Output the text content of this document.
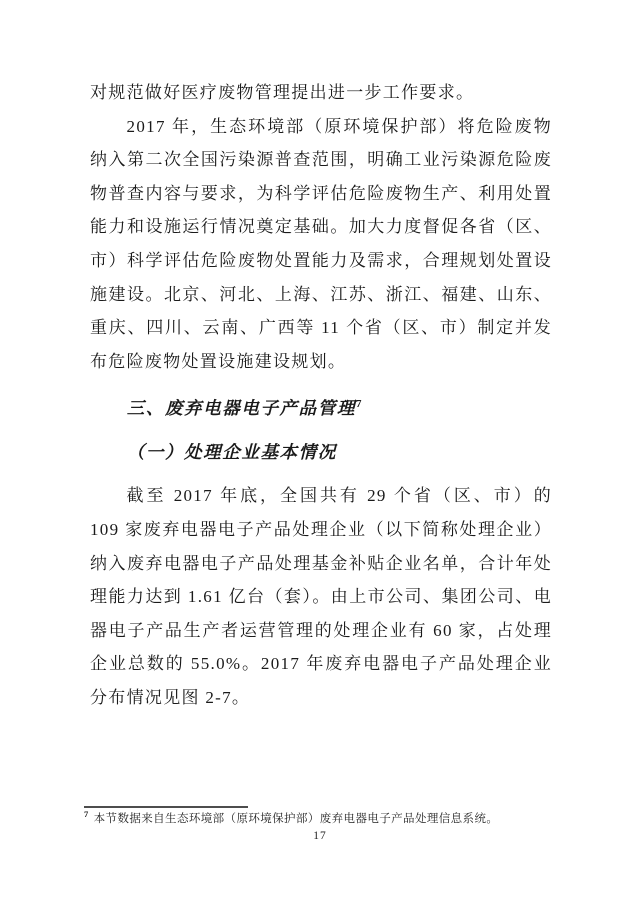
对规范做好医疗废物管理提出进一步工作要求。

2017 年，生态环境部（原环境保护部）将危险废物纳入第二次全国污染源普查范围，明确工业污染源危险废物普查内容与要求，为科学评估危险废物生产、利用处置能力和设施运行情况奠定基础。加大力度督促各省（区、市）科学评估危险废物处置能力及需求，合理规划处置设施建设。北京、河北、上海、江苏、浙江、福建、山东、重庆、四川、云南、广西等 11 个省（区、市）制定并发布危险废物处置设施建设规划。

三、废弃电器电子产品管理$^7$
（一）处理企业基本情况

截至 2017 年底，全国共有 29 个省（区、市）的 109 家废弃电器电子产品处理企业（以下简称处理企业）纳入废弃电器电子产品处理基金补贴企业名单，合计年处理能力达到 1.61 亿台（套）。由上市公司、集团公司、电器电子产品生产者运营管理的处理企业有 60 家，占处理企业总数的 55.0%。2017 年废弃电器电子产品处理企业分布情况见图 2-7。

$^7$ 本节数据来自生态环境部（原环境保护部）废弃电器电子产品处理信息系统。

17
